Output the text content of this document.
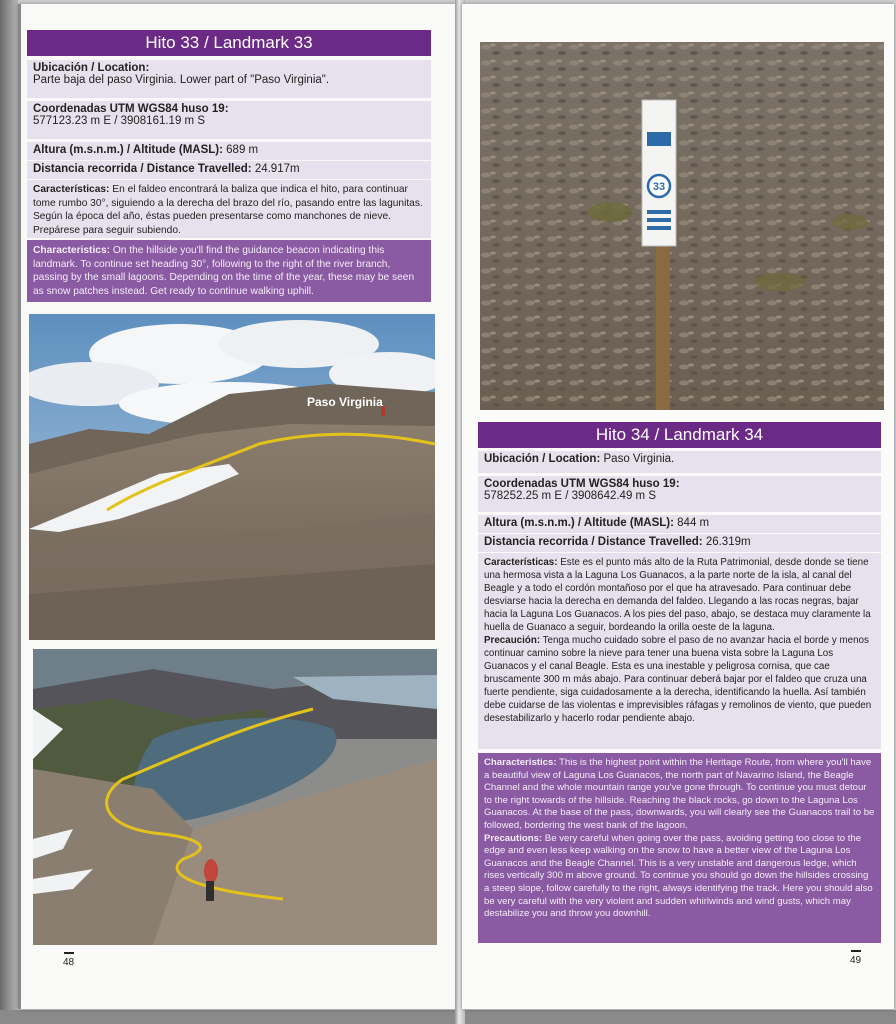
Hito 33 / Landmark 33
Ubicación / Location:
Parte baja del paso Virginia. Lower part of "Paso Virginia".
Coordenadas UTM WGS84 huso 19:
577123.23 m E / 3908161.19 m S
Altura (m.s.n.m.) / Altitude (MASL): 689 m
Distancia recorrida / Distance Travelled: 24.917m
Características: En el faldeo encontrará la baliza que indica el hito, para continuar tome rumbo 30°, siguiendo a la derecha del brazo del río, pasando entre las lagunitas. Según la época del año, éstas pueden presentarse como manchones de nieve. Prepárese para seguir subiendo.
Characteristics: On the hillside you'll find the guidance beacon indicating this landmark. To continue set heading 30°, following to the right of the river branch, passing by the small lagoons. Depending on the time of the year, these may be seen as snow patches instead. Get ready to continue walking uphill.
Paso Virginia
48
33
Hito 34 / Landmark 34
Ubicación / Location: Paso Virginia.
Coordenadas UTM WGS84 huso 19:
578252.25 m E / 3908642.49 m S
Altura (m.s.n.m.) / Altitude (MASL): 844 m
Distancia recorrida / Distance Travelled: 26.319m
Características: Este es el punto más alto de la Ruta Patrimonial, desde donde se tiene una hermosa vista a la Laguna Los Guanacos, a la parte norte de la isla, al canal del Beagle y a todo el cordón montañoso por el que ha atravesado. Para continuar debe desviarse hacia la derecha en demanda del faldeo. Llegando a las rocas negras, bajar hacia la Laguna Los Guanacos. A los pies del paso, abajo, se destaca muy claramente la huella de Guanaco a seguir, bordeando la orilla oeste de la laguna.
Precaución: Tenga mucho cuidado sobre el paso de no avanzar hacia el borde y menos continuar camino sobre la nieve para tener una buena vista sobre la Laguna Los Guanacos y el canal Beagle. Esta es una inestable y peligrosa cornisa, que cae bruscamente 300 m más abajo. Para continuar deberá bajar por el faldeo que cruza una fuerte pendiente, siga cuidadosamente a la derecha, identificando la huella. Así también debe cuidarse de las violentas e imprevisibles ráfagas y remolinos de viento, que pueden desestabilizarlo y hacerlo rodar pendiente abajo.
Characteristics: This is the highest point within the Heritage Route, from where you'll have a beautiful view of Laguna Los Guanacos, the north part of Navarino Island, the Beagle Channel and the whole mountain range you've gone through. To continue you must detour to the right towards of the hillside. Reaching the black rocks, go down to the Laguna Los Guanacos. At the base of the pass, downwards, you will clearly see the Guanacos trail to be followed, bordering the west bank of the lagoon.
Precautions: Be very careful when going over the pass, avoiding getting too close to the edge and even less keep walking on the snow to have a better view of the Laguna Los Guanacos and the Beagle Channel. This is a very unstable and dangerous ledge, which rises vertically 300 m above ground. To continue you should go down the hillsides crossing a steep slope, follow carefully to the right, always identifying the track. Here you should also be very careful with the very violent and sudden whirlwinds and wind gusts, which may destabilize you and throw you downhill.
49
